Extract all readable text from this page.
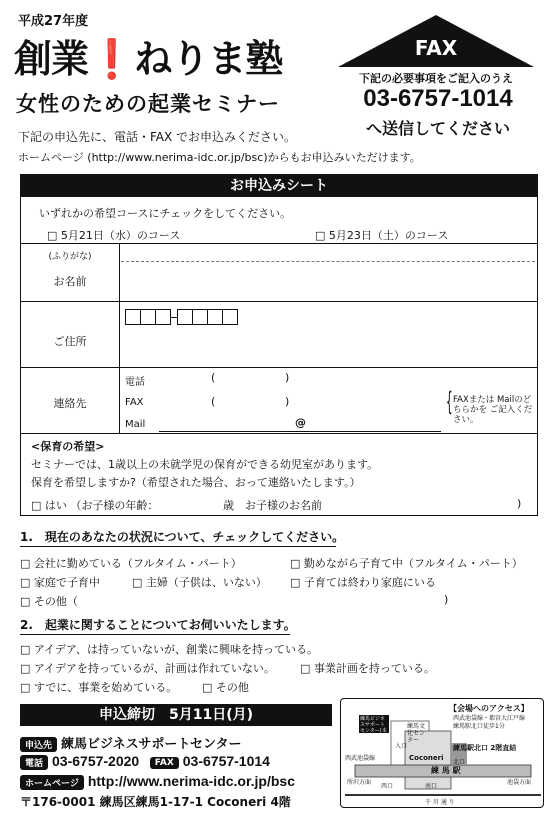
平成27年度
創業❗ねりま塾
女性のための起業セミナー
FAX
下記の必要事項をご記入のうえ
03-6757-1014
へ送信してください
下記の申込先に、電話・FAX でお申込みください。
ホームページ (http://www.nerima-idc.or.jp/bsc)からもお申込みいただけます。
お申込みシート
いずれかの希望コースにチェックをしてください。
□ 5月21日（水）のコース	□ 5月23日（土）のコース
(ふりがな)
お名前
ご住所
連絡先
電話	(	)
FAX	(	)
Mail	@
{ FAXまたは Mailのどちらかを ご記入ください。
<保育の希望>
セミナーでは、1歳以上の未就学児の保育ができる幼児室があります。
保育を希望しますか?（希望された場合、おって連絡いたします。）
□ はい （お子様の年齢：	歳　お子様のお名前	)
1.　現在のあなたの状況について、チェックしてください。
□ 会社に勤めている（フルタイム・パート）	□ 勤めながら子育て中（フルタイム・パート）
□ 家庭で子育中	□ 主婦（子供は、いない） □ 子育ては終わり家庭にいる
□ その他（	)
2.　起業に関することについてお伺いいたします。
□ アイデア、は持っていないが、創業に興味を持っている。
□ アイデアを持っているが、計画は作れていない。 □ 事業計画を持っている。
□ すでに、事業を始めている。 □ その他
申込締切　5月11日(月)
申込先 練馬ビジネスサポートセンター
電話 03-6757-2020 FAX 03-6757-1014
ホームページ http://www.nerima-idc.or.jp/bsc
〒176-0001 練馬区練馬1-17-1 Coconeri 4階
【会場へのアクセス】
西武池袋線・都営大江戸線
練馬駅北口徒歩1分
練馬ビジネスサポートセンター(本会場)
練馬文化センター
Coconeri
入口	練馬駅北口 2階直結
練 馬 駅
西武池袋線
所沢方面	池袋方面
西口	南口
北口
千 川 通 り
